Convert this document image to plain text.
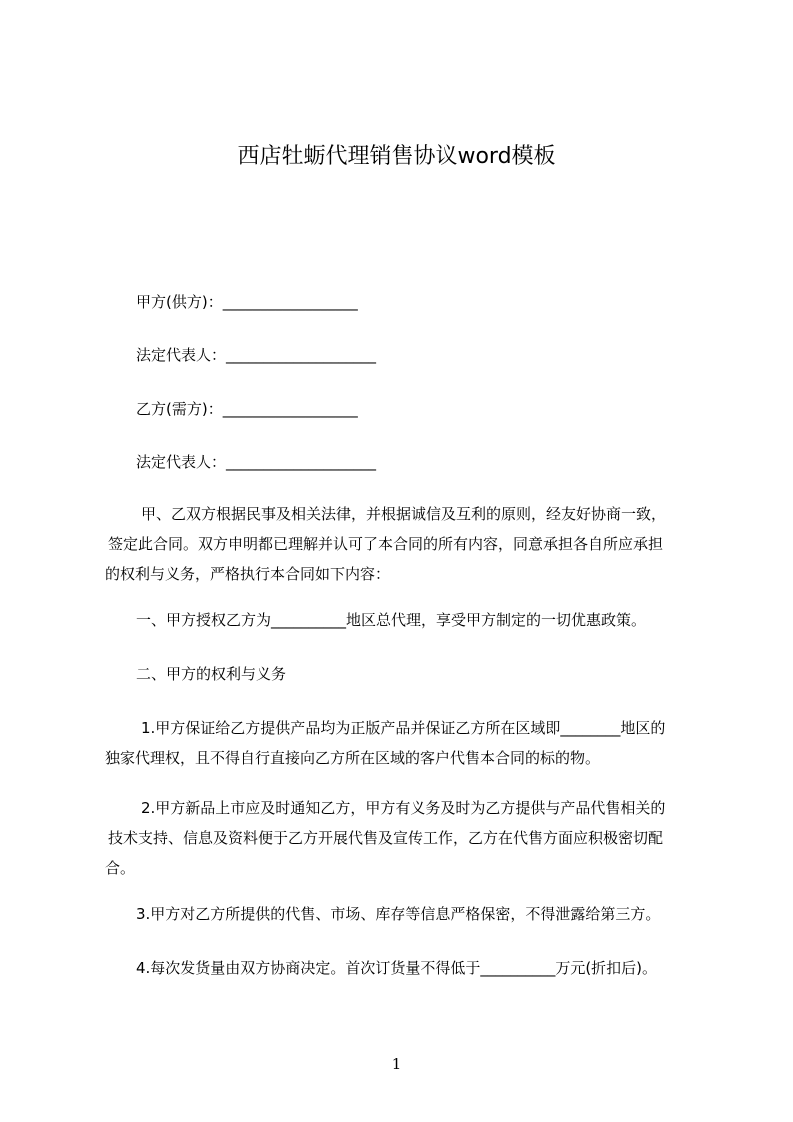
西店牡蛎代理销售协议word模板
甲方(供方)：__________________
法定代表人：____________________
乙方(需方)：__________________
法定代表人：____________________
甲、乙双方根据民事及相关法律，并根据诚信及互利的原则，经友好协商一致，
签定此合同。双方申明都已理解并认可了本合同的所有内容，同意承担各自所应承担
的权利与义务，严格执行本合同如下内容：
一、甲方授权乙方为__________地区总代理，享受甲方制定的一切优惠政策。
二、甲方的权利与义务
1.甲方保证给乙方提供产品均为正版产品并保证乙方所在区域即________地区的
独家代理权，且不得自行直接向乙方所在区域的客户代售本合同的标的物。
2.甲方新品上市应及时通知乙方，甲方有义务及时为乙方提供与产品代售相关的
技术支持、信息及资料便于乙方开展代售及宣传工作，乙方在代售方面应积极密切配
合。
3.甲方对乙方所提供的代售、市场、库存等信息严格保密，不得泄露给第三方。
4.每次发货量由双方协商决定。首次订货量不得低于__________万元(折扣后)。
1
